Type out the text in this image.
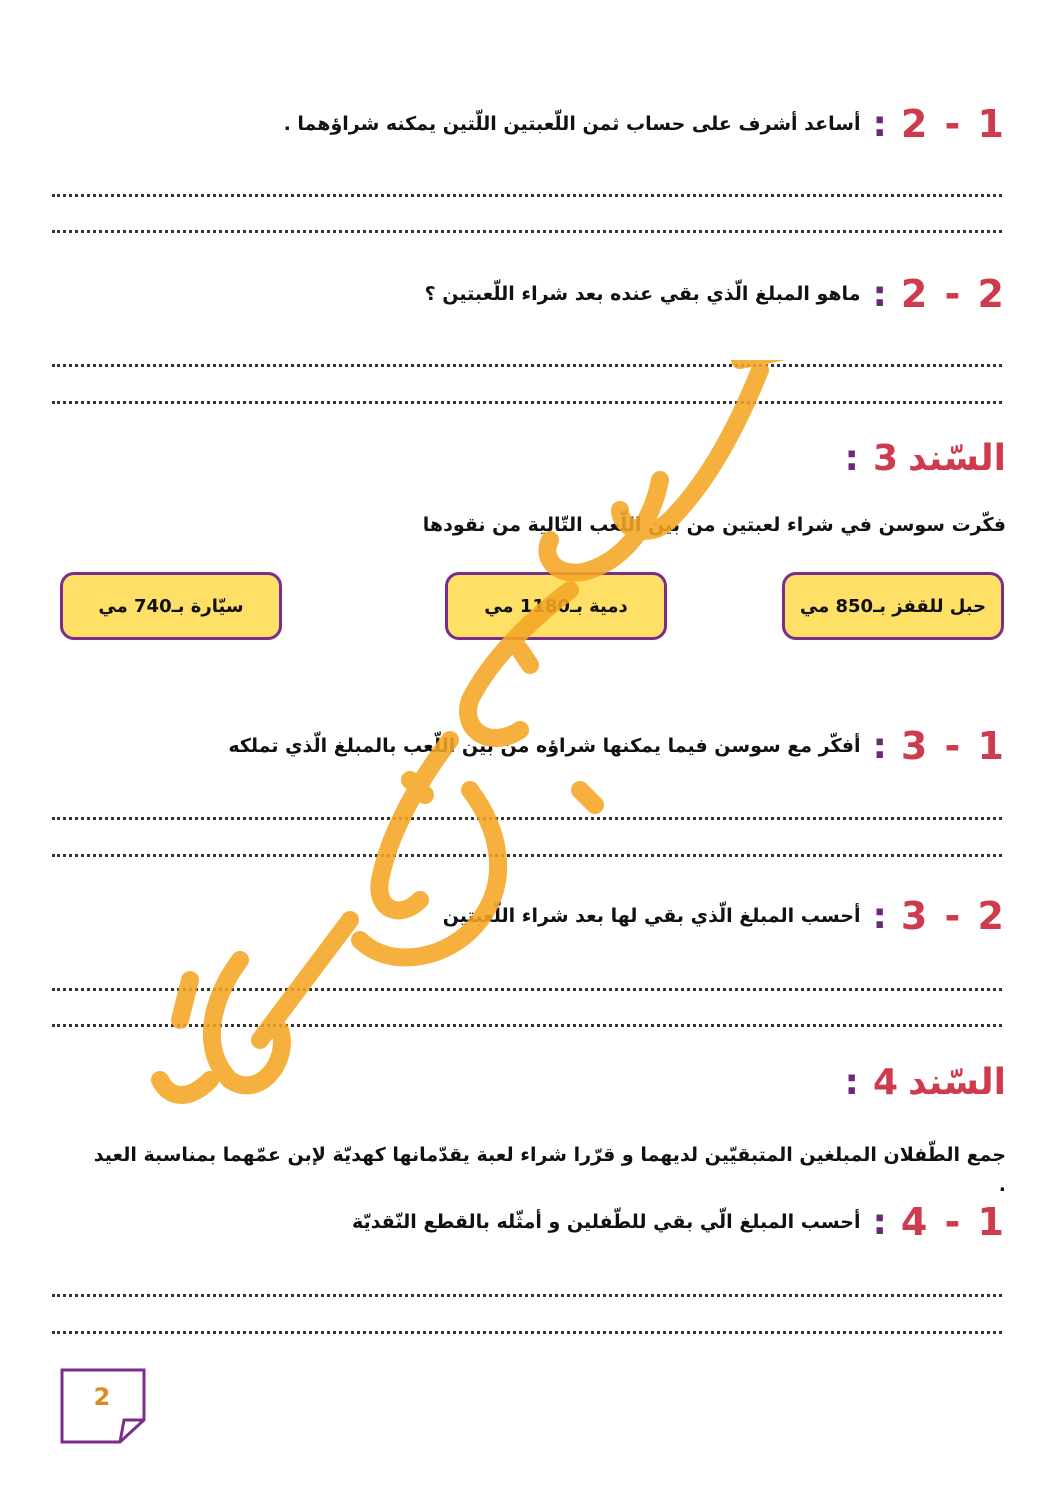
2 - 1
:
أساعد أشرف على حساب ثمن اللّعبتين اللّتين يمكنه شراؤهما .
2 - 2
:
ماهو المبلغ الّذي بقي عنده بعد شراء اللّعبتين ؟
السّند
3
:
فكّرت سوسن في شراء لعبتين من بين اللّعب التّالية من نقودها
حبل للقفز بـ850 مي
دمية بـ1180 مي
سيّارة بـ740 مي
3 - 1
:
أفكّر مع سوسن فيما يمكنها شراؤه من بين اللّعب بالمبلغ الّذي تملكه
3 - 2
:
أحسب المبلغ الّذي بقي لها بعد شراء اللّعبتين
السّند
4
:
جمع الطّفلان المبلغين المتبقيّين لديهما و قرّرا شراء لعبة يقدّمانها كهديّة لإبن عمّهما بمناسبة العيد .
4 - 1
:
أحسب المبلغ الّي بقي للطّفلين و أمثّله بالقطع النّقديّة
2
